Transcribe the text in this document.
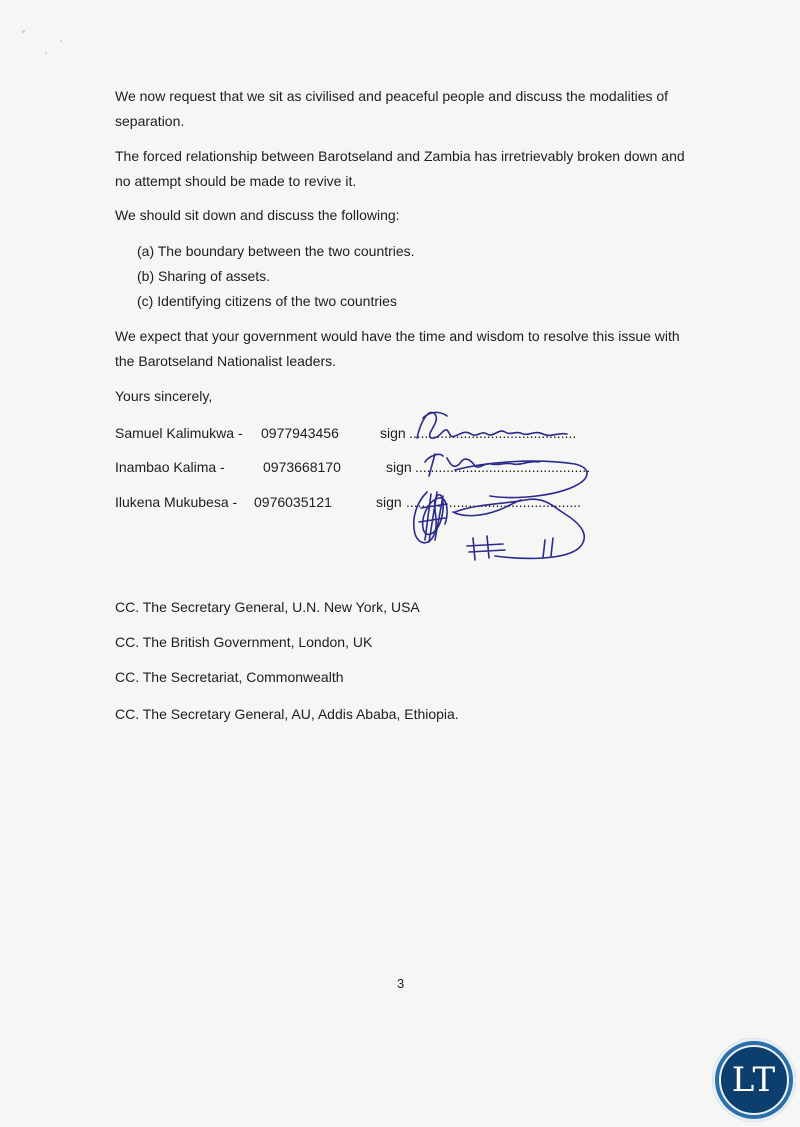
We now request that we sit as civilised and peaceful people and discuss the modalities of separation.

The forced relationship between Barotseland and Zambia has irretrievably broken down and no attempt should be made to revive it.

We should sit down and discuss the following:

(a) The boundary between the two countries.
(b) Sharing of assets.
(c) Identifying citizens of the two countries

We expect that your government would have the time and wisdom to resolve this issue with the Barotseland Nationalist leaders.

Yours sincerely,
Samuel Kalimukwa - 0977943456	sign ...........................................
Inambao Kalima -	0973668170	sign .............................................
Ilukena Mukubesa - 0976035121	sign .............................................
CC. The Secretary General, U.N. New York, USA
CC. The British Government, London, UK
CC. The Secretariat, Commonwealth
CC. The Secretary General, AU, Addis Ababa, Ethiopia.
3
LT
